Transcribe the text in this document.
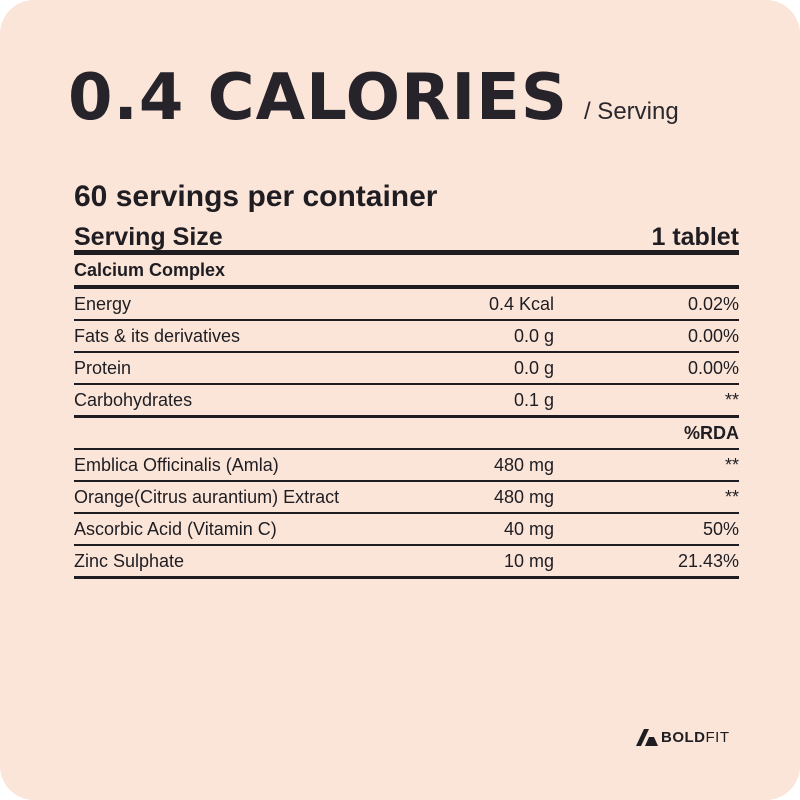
0.4 CALORIES / Serving
60 servings per container
Serving Size	1 tablet
Calcium Complex
Energy	0.4 Kcal	0.02%
Fats & its derivatives	0.0 g	0.00%
Protein	0.0 g	0.00%
Carbohydrates	0.1 g	**
%RDA
Emblica Officinalis (Amla)	480 mg	**
Orange(Citrus aurantium) Extract	480 mg	**
Ascorbic Acid (Vitamin C)	40 mg	50%
Zinc Sulphate	10 mg	21.43%
BOLD FIT
